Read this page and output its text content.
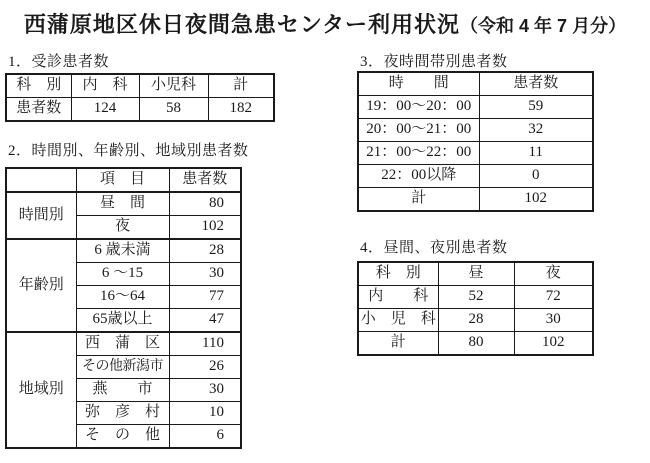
西蒲原地区休日夜間急患センター利用状況（令和 4 年 7 月分）
1．受診患者数
科　別	内　科	小児科	計
患者数	124	58	182
2．時間別、年齢別、地域別患者数
	項　目	患者数
時間別	昼　間	80
	夜	102
年齢別	6 歳未満	28
	6 ～15	30
	16～64	77
	65歳以上	47
地域別	西　蒲　区	110
	その他新潟市	26
	燕　　市	30
	弥　彦　村	10
	そ　の　他	6
3．夜時間帯別患者数
時　　間	患者数
19：00～20：00	59
20：00～21：00	32
21：00～22：00	11
22：00以降	0
計	102
4．昼間、夜別患者数
科　別	昼	夜
内　　科	52	72
小　児　科	28	30
計	80	102
